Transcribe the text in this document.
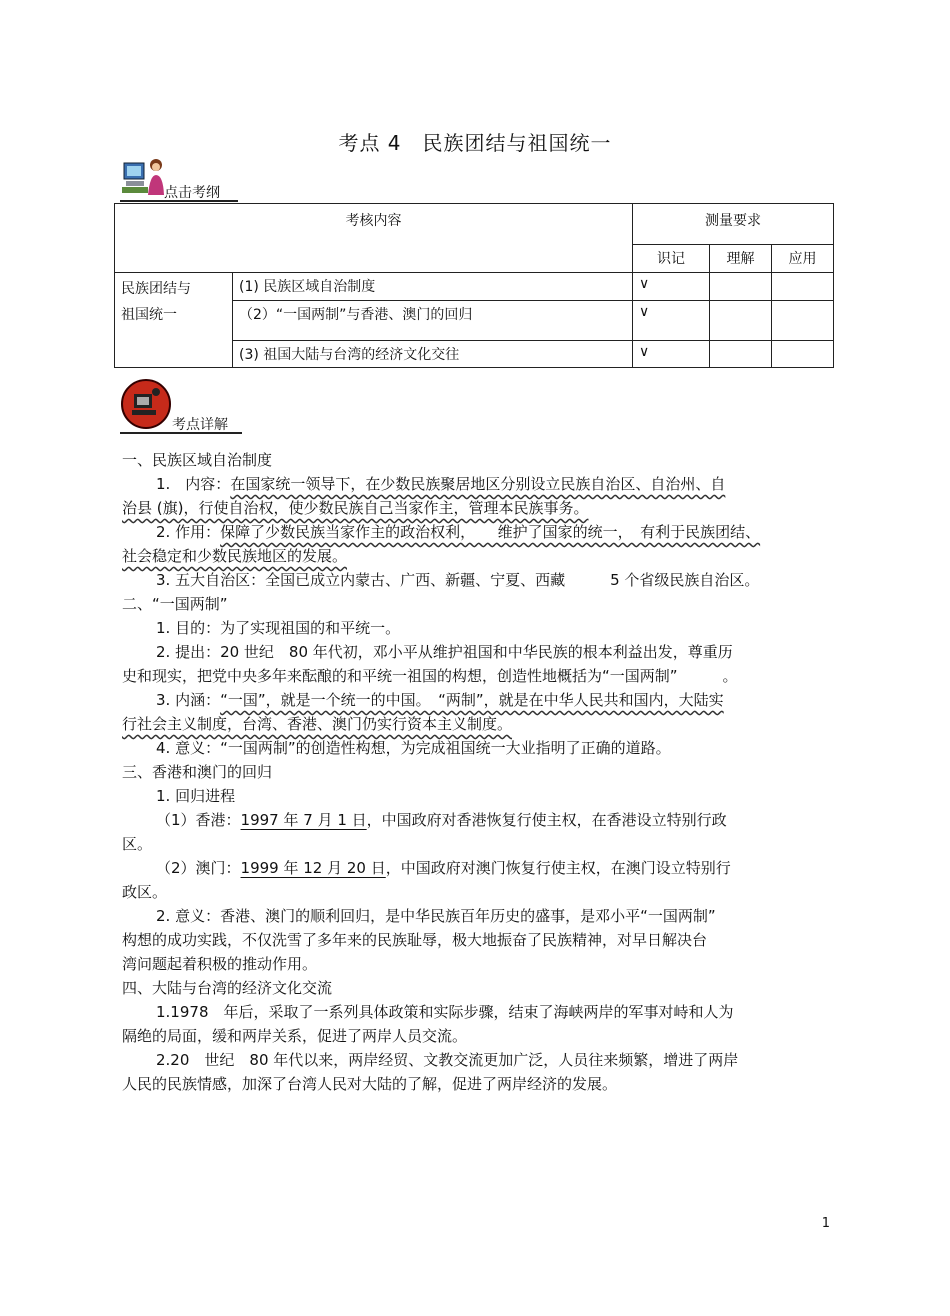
考点 4　民族团结与祖国统一
点击考纲
考核内容		测量要求		
		识记	理解	应用

民族团结与
祖国统一	(1) 民族区域自治制度	∨		
	（2）“一国两制”与香港、澳门的回归	∨		
	(3) 祖国大陆与台湾的经济文化交往	∨		
考点详解
一、民族区域自治制度
1.　内容：在国家统一领导下，在少数民族聚居地区分别设立民族自治区、自治州、自
治县 (旗)，行使自治权，使少数民族自己当家作主，管理本民族事务。
2. 作用：保障了少数民族当家作主的政治权利，　　维护了国家的统一，　有利于民族团结、
社会稳定和少数民族地区的发展。
3. 五大自治区：全国已成立内蒙古、广西、新疆、宁夏、西藏　　　5 个省级民族自治区。
二、“一国两制”
1. 目的：为了实现祖国的和平统一。
2. 提出：20 世纪　80 年代初，邓小平从维护祖国和中华民族的根本利益出发，尊重历
史和现实，把党中央多年来酝酿的和平统一祖国的构想，创造性地概括为“一国两制”　　　。
3. 内涵：“一国”，就是一个统一的中国。　“两制”，就是在中华人民共和国内，大陆实
行社会主义制度，台湾、香港、澳门仍实行资本主义制度。
4. 意义：“一国两制”的创造性构想，为完成祖国统一大业指明了正确的道路。
三、香港和澳门的回归
1. 回归进程
（1）香港：1997 年 7 月 1 日，中国政府对香港恢复行使主权，在香港设立特别行政
区。
（2）澳门：1999 年 12 月 20 日，中国政府对澳门恢复行使主权，在澳门设立特别行
政区。
2. 意义：香港、澳门的顺利回归，是中华民族百年历史的盛事，是邓小平“一国两制”
构想的成功实践，不仅洗雪了多年来的民族耻辱，极大地振奋了民族精神，对早日解决台
湾问题起着积极的推动作用。
四、大陆与台湾的经济文化交流
1.1978　年后，采取了一系列具体政策和实际步骤，结束了海峡两岸的军事对峙和人为
隔绝的局面，缓和两岸关系，促进了两岸人员交流。
2.20　世纪　80 年代以来，两岸经贸、文教交流更加广泛，人员往来频繁，增进了两岸
人民的民族情感，加深了台湾人民对大陆的了解，促进了两岸经济的发展。
1
